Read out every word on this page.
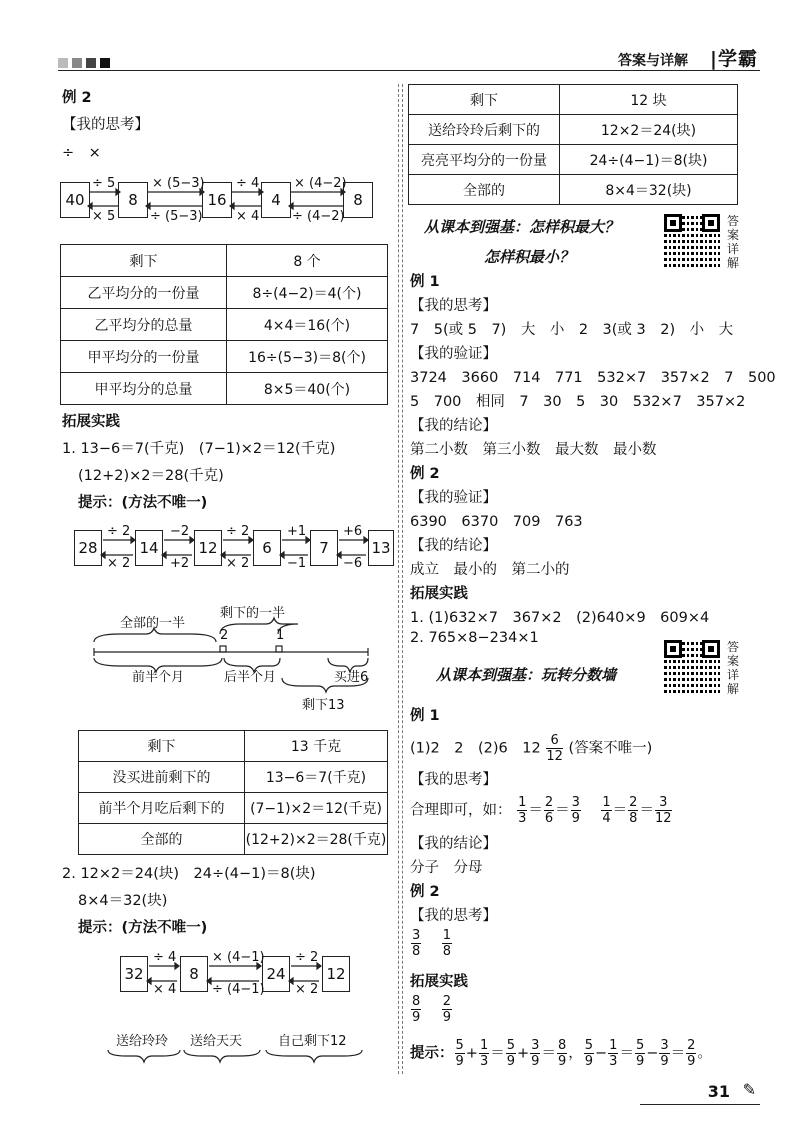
答案与详解 |学霸
例 2
【我的思考】
÷　×
40	8	16	4	8
÷ 5
× 5
× (5−3)
÷ (5−3)
÷ 4
× 4
× (4−2)
÷ (4−2)
剩下	8 个
乙平均分的一份量	8÷(4−2)＝4(个)
乙平均分的总量	4×4＝16(个)
甲平均分的一份量	16÷(5−3)＝8(个)
甲平均分的总量	8×5＝40(个)
拓展实践
1. 13−6＝7(千克)　(7−1)×2＝12(千克)
(12+2)×2＝28(千克)
提示：(方法不唯一)
28	14	12	6	7	13
÷ 2
× 2
−2
+2
÷ 2
× 2
+1
−1
+6
−6
全部的一半
剩下的一半
2	1
前半个月	后半个月	买进6
剩下13
剩下	13 千克
没买进前剩下的	13−6＝7(千克)
前半个月吃后剩下的	(7−1)×2＝12(千克)
全部的	(12+2)×2＝28(千克)
2. 12×2＝24(块)　24÷(4−1)＝8(块)
8×4＝32(块)
提示：(方法不唯一)
32	8	24	12
÷ 4
× 4
× (4−1)
÷ (4−1)
÷ 2
× 2
送给玲玲 送给天天	自己剩下12
剩下	12 块
送给玲玲后剩下的	12×2＝24(块)
亮亮平均分的一份量	24÷(4−1)＝8(块)
全部的	8×4＝32(块)
从课本到强基：怎样积最大？
怎样积最小？
答案详解
例 1
【我的思考】
7　5(或 5　7)　大　小　2　3(或 3　2)　小　大
【我的验证】
3724　3660　714　771　532×7　357×2　7　500
5　700　相同　7　30　5　30　532×7　357×2
【我的结论】
第二小数　第三小数　最大数　最小数
例 2
【我的验证】
6390　6370　709　763
【我的结论】
成立　最小的　第二小的
拓展实践
1. (1)632×7　367×2　(2)640×9　609×4
2. 765×8−234×1
从课本到强基：玩转分数墙
答案详解
例 1
(1)2　2　(2)6　$12 \frac{6}{12}$ (答案不唯一)
【我的思考】
合理即可，如： $\frac{1}{3} = \frac{2}{6} = \frac{3}{9}$
$\frac{1}{4} = \frac{2}{8} = \frac{3}{12}$
【我的结论】
分子　分母
例 2
【我的思考】
$\frac{3}{8}$
$\frac{1}{8}$
拓展实践
$\frac{8}{9}$
$\frac{2}{9}$
提示： $\frac{5}{9} + \frac{1}{3} = \frac{5}{9} + \frac{3}{9} = \frac{8}{9}$ ， $\frac{5}{9} - \frac{1}{3} = \frac{5}{9} - \frac{3}{9} = \frac{2}{9}$ 。
31 ✎
